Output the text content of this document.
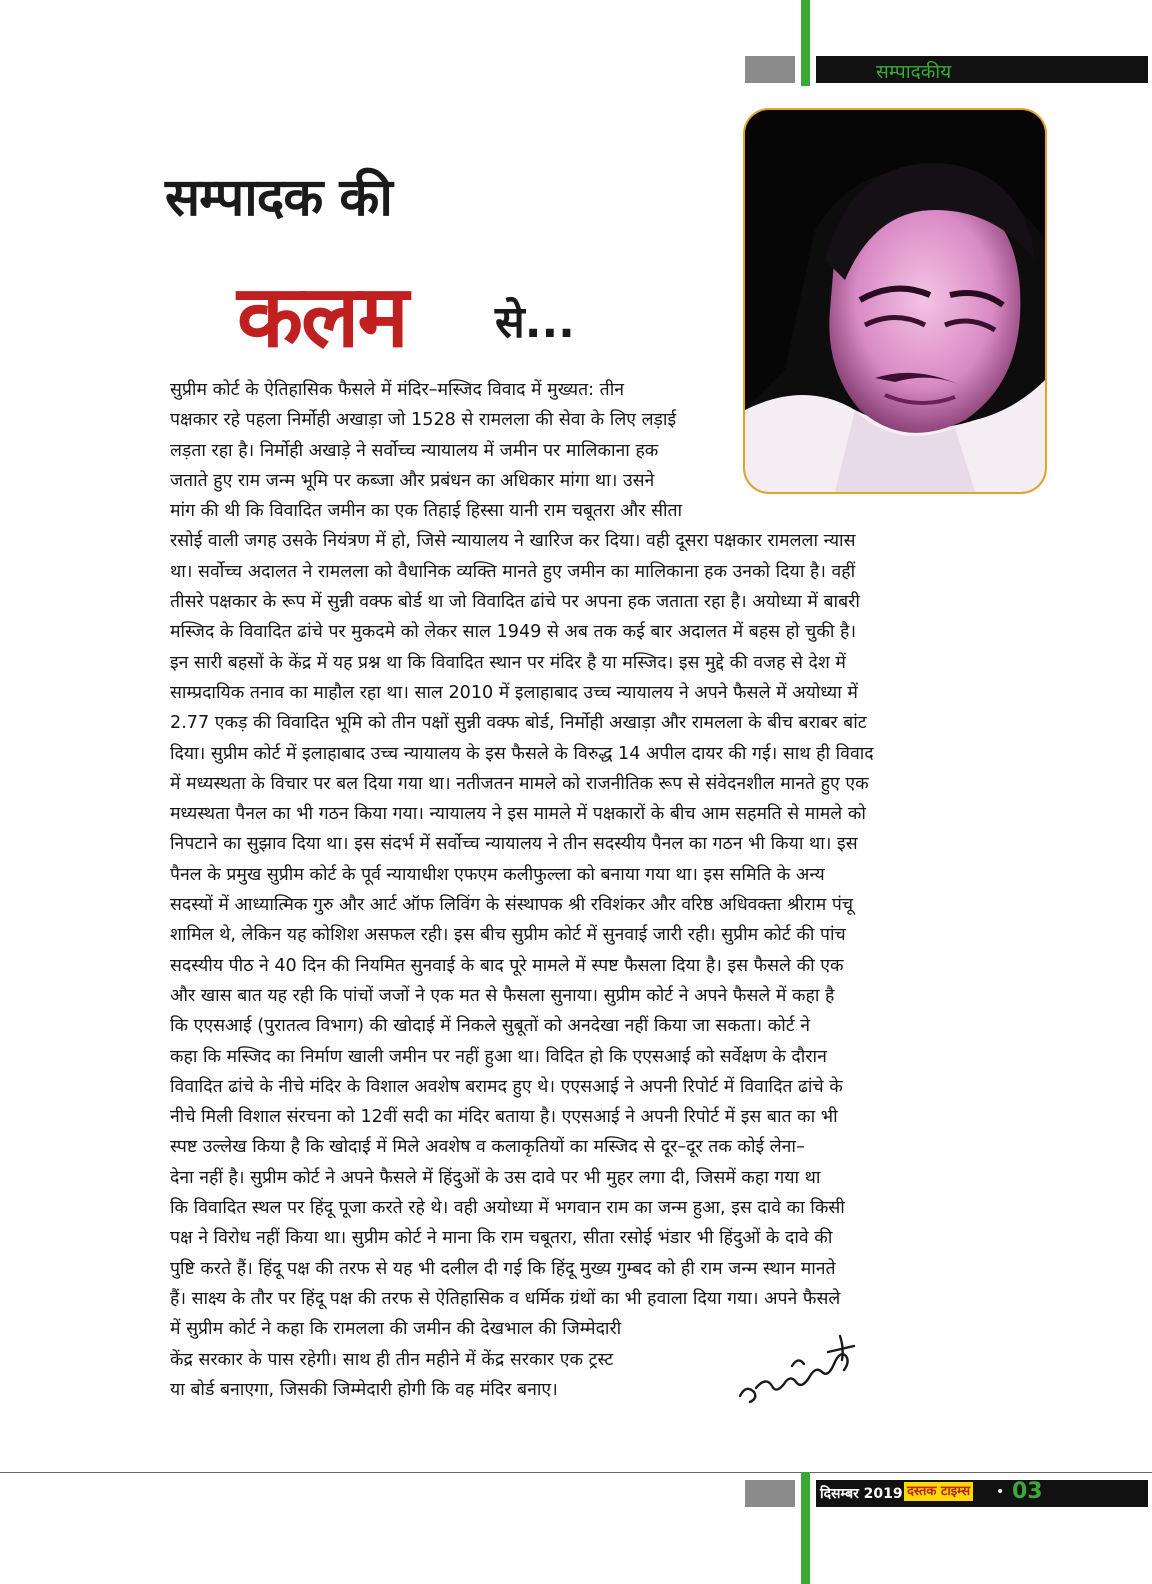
सम्पादकीय
सम्पादक की
कलम से...
सुप्रीम कोर्ट के ऐतिहासिक फैसले में मंदिर–मस्जिद विवाद में मुख्यत: तीन
पक्षकार रहे पहला निर्मोही अखाड़ा जो 1528 से रामलला की सेवा के लिए लड़ाई
लड़ता रहा है। निर्मोही अखाड़े ने सर्वोच्च न्यायालय में जमीन पर मालिकाना हक
जताते हुए राम जन्म भूमि पर कब्जा और प्रबंधन का अधिकार मांगा था। उसने
मांग की थी कि विवादित जमीन का एक तिहाई हिस्सा यानी राम चबूतरा और सीता
रसोई वाली जगह उसके नियंत्रण में हो, जिसे न्यायालय ने खारिज कर दिया। वही दूसरा पक्षकार रामलला न्यास
था। सर्वोच्च अदालत ने रामलला को वैधानिक व्यक्ति मानते हुए जमीन का मालिकाना हक उनको दिया है। वहीं
तीसरे पक्षकार के रूप में सुन्नी वक्फ बोर्ड था जो विवादित ढांचे पर अपना हक जताता रहा है। अयोध्या में बाबरी
मस्जिद के विवादित ढांचे पर मुकदमे को लेकर साल 1949 से अब तक कई बार अदालत में बहस हो चुकी है।
इन सारी बहसों के केंद्र में यह प्रश्न था कि विवादित स्थान पर मंदिर है या मस्जिद। इस मुद्दे की वजह से देश में
साम्प्रदायिक तनाव का माहौल रहा था। साल 2010 में इलाहाबाद उच्च न्यायालय ने अपने फैसले में अयोध्या में
2.77 एकड़ की विवादित भूमि को तीन पक्षों सुन्नी वक्फ बोर्ड, निर्मोही अखाड़ा और रामलला के बीच बराबर बांट
दिया। सुप्रीम कोर्ट में इलाहाबाद उच्च न्यायालय के इस फैसले के विरुद्ध 14 अपील दायर की गई। साथ ही विवाद
में मध्यस्थता के विचार पर बल दिया गया था। नतीजतन मामले को राजनीतिक रूप से संवेदनशील मानते हुए एक
मध्यस्थता पैनल का भी गठन किया गया। न्यायालय ने इस मामले में पक्षकारों के बीच आम सहमति से मामले को
निपटाने का सुझाव दिया था। इस संदर्भ में सर्वोच्च न्यायालय ने तीन सदस्यीय पैनल का गठन भी किया था। इस
पैनल के प्रमुख सुप्रीम कोर्ट के पूर्व न्यायाधीश एफएम कलीफुल्ला को बनाया गया था। इस समिति के अन्य
सदस्यों में आध्यात्मिक गुरु और आर्ट ऑफ लिविंग के संस्थापक श्री रविशंकर और वरिष्ठ अधिवक्ता श्रीराम पंचू
शामिल थे, लेकिन यह कोशिश असफल रही। इस बीच सुप्रीम कोर्ट में सुनवाई जारी रही। सुप्रीम कोर्ट की पांच
सदस्यीय पीठ ने 40 दिन की नियमित सुनवाई के बाद पूरे मामले में स्पष्ट फैसला दिया है। इस फैसले की एक
और खास बात यह रही कि पांचों जजों ने एक मत से फैसला सुनाया। सुप्रीम कोर्ट ने अपने फैसले में कहा है
कि एएसआई (पुरातत्व विभाग) की खोदाई में निकले सुबूतों को अनदेखा नहीं किया जा सकता। कोर्ट ने
कहा कि मस्जिद का निर्माण खाली जमीन पर नहीं हुआ था। विदित हो कि एएसआई को सर्वेक्षण के दौरान
विवादित ढांचे के नीचे मंदिर के विशाल अवशेष बरामद हुए थे। एएसआई ने अपनी रिपोर्ट में विवादित ढांचे के
नीचे मिली विशाल संरचना को 12वीं सदी का मंदिर बताया है। एएसआई ने अपनी रिपोर्ट में इस बात का भी
स्पष्ट उल्लेख किया है कि खोदाई में मिले अवशेष व कलाकृतियों का मस्जिद से दूर–दूर तक कोई लेना–
देना नहीं है। सुप्रीम कोर्ट ने अपने फैसले में हिंदुओं के उस दावे पर भी मुहर लगा दी, जिसमें कहा गया था
कि विवादित स्थल पर हिंदू पूजा करते रहे थे। वही अयोध्या में भगवान राम का जन्म हुआ, इस दावे का किसी
पक्ष ने विरोध नहीं किया था। सुप्रीम कोर्ट ने माना कि राम चबूतरा, सीता रसोई भंडार भी हिंदुओं के दावे की
पुष्टि करते हैं। हिंदू पक्ष की तरफ से यह भी दलील दी गई कि हिंदू मुख्य गुम्बद को ही राम जन्म स्थान मानते
हैं। साक्ष्य के तौर पर हिंदू पक्ष की तरफ से ऐतिहासिक व धर्मिक ग्रंथों का भी हवाला दिया गया। अपने फैसले
में सुप्रीम कोर्ट ने कहा कि रामलला की जमीन की देखभाल की जिम्मेदारी
केंद्र सरकार के पास रहेगी। साथ ही तीन महीने में केंद्र सरकार एक ट्रस्ट
या बोर्ड बनाएगा, जिसकी जिम्मेदारी होगी कि वह मंदिर बनाए।
दिसम्बर 2019 दस्तक टाइम्स • 03
